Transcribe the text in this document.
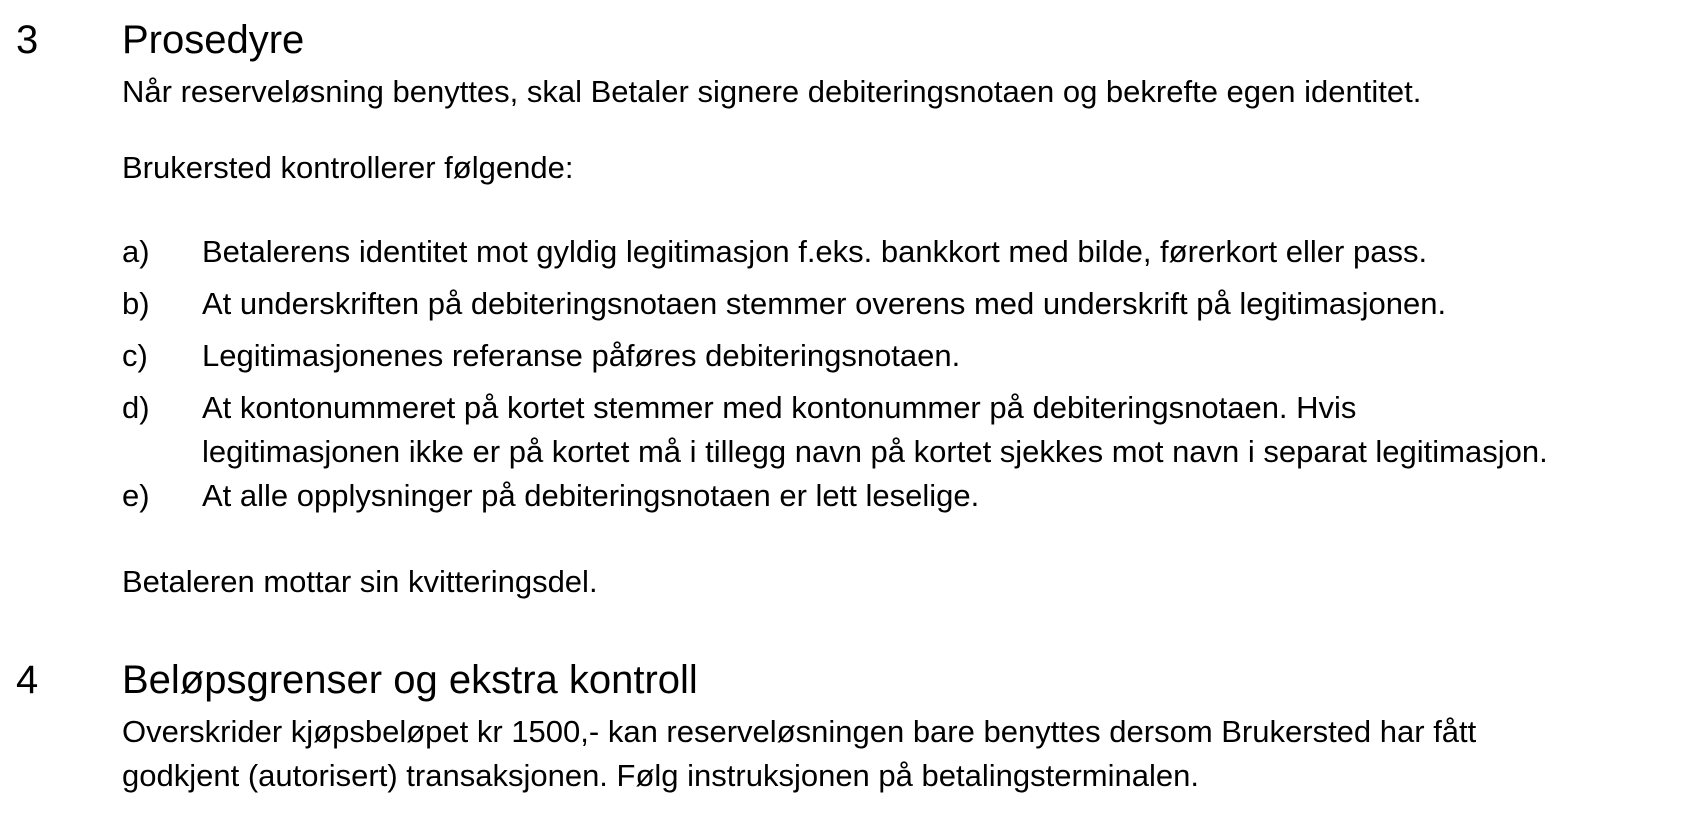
3 Prosedyre
Når reserveløsning benyttes, skal Betaler signere debiteringsnotaen og bekrefte egen identitet.
Brukersted kontrollerer følgende:
a) Betalerens identitet mot gyldig legitimasjon f.eks. bankkort med bilde, førerkort eller pass.
b) At underskriften på debiteringsnotaen stemmer overens med underskrift på legitimasjonen.
c) Legitimasjonenes referanse påføres debiteringsnotaen.
d) At kontonummeret på kortet stemmer med kontonummer på debiteringsnotaen. Hvis
legitimasjonen ikke er på kortet må i tillegg navn på kortet sjekkes mot navn i separat legitimasjon.
e) At alle opplysninger på debiteringsnotaen er lett leselige.
Betaleren mottar sin kvitteringsdel.
4 Beløpsgrenser og ekstra kontroll
Overskrider kjøpsbeløpet kr 1500,- kan reserveløsningen bare benyttes dersom Brukersted har fått
godkjent (autorisert) transaksjonen. Følg instruksjonen på betalingsterminalen.
